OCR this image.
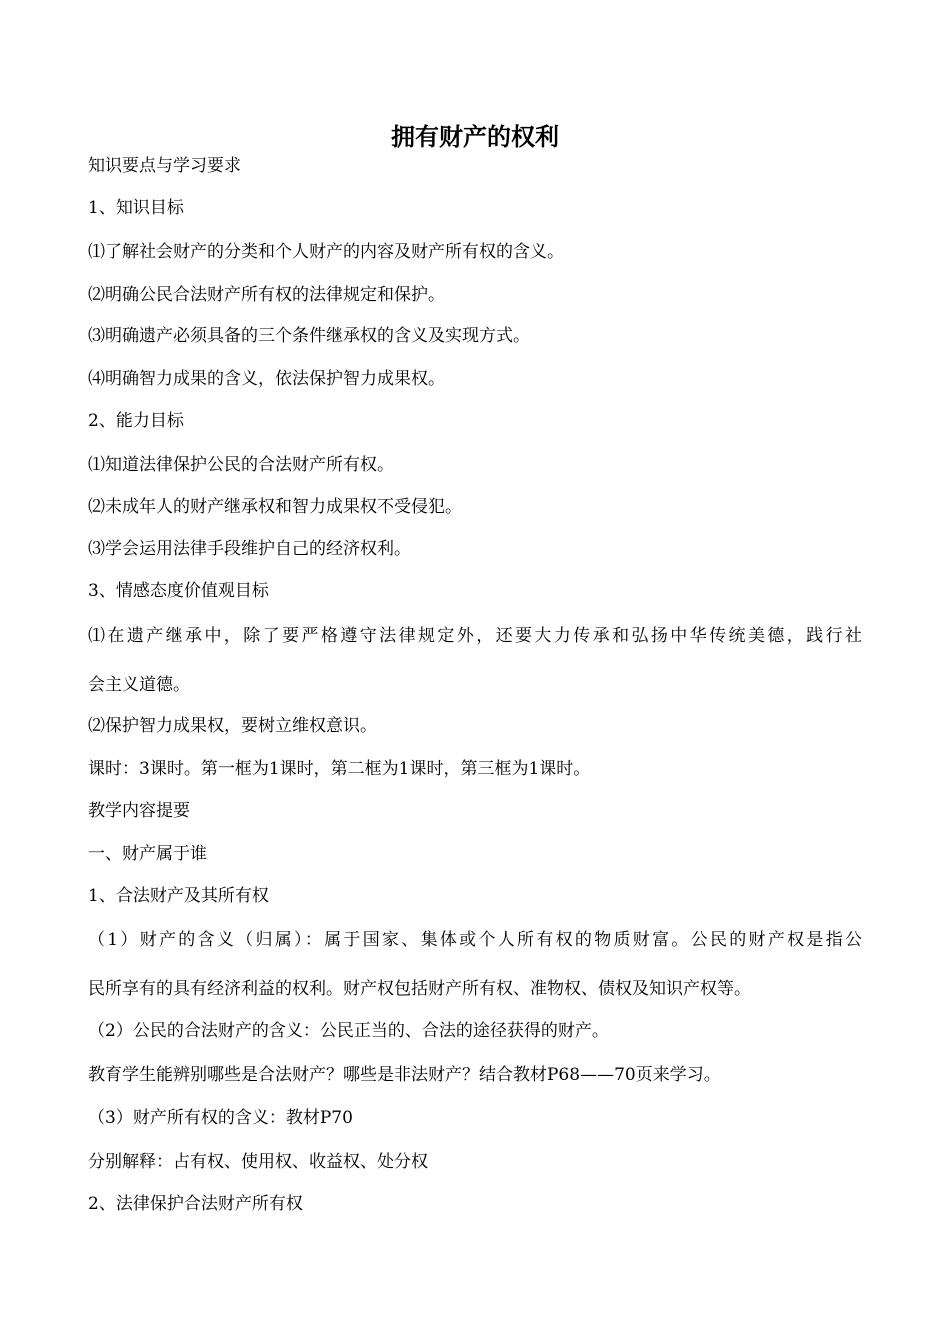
拥有财产的权利
知识要点与学习要求
1、知识目标
⑴了解社会财产的分类和个人财产的内容及财产所有权的含义。
⑵明确公民合法财产所有权的法律规定和保护。
⑶明确遗产必须具备的三个条件继承权的含义及实现方式。
⑷明确智力成果的含义，依法保护智力成果权。
2、能力目标
⑴知道法律保护公民的合法财产所有权。
⑵未成年人的财产继承权和智力成果权不受侵犯。
⑶学会运用法律手段维护自己的经济权利。
3、情感态度价值观目标
⑴在遗产继承中，除了要严格遵守法律规定外，还要大力传承和弘扬中华传统美德，践行社
会主义道德。
⑵保护智力成果权，要树立维权意识。
课时：3课时。第一框为1课时，第二框为1课时，第三框为1课时。
教学内容提要
一、财产属于谁
1、合法财产及其所有权
（1）财产的含义（归属）：属于国家、集体或个人所有权的物质财富。公民的财产权是指公
民所享有的具有经济利益的权利。财产权包括财产所有权、准物权、债权及知识产权等。
（2）公民的合法财产的含义：公民正当的、合法的途径获得的财产。
教育学生能辨别哪些是合法财产？哪些是非法财产？结合教材P68——70页来学习。
（3）财产所有权的含义：教材P70
分别解释：占有权、使用权、收益权、处分权
2、法律保护合法财产所有权
